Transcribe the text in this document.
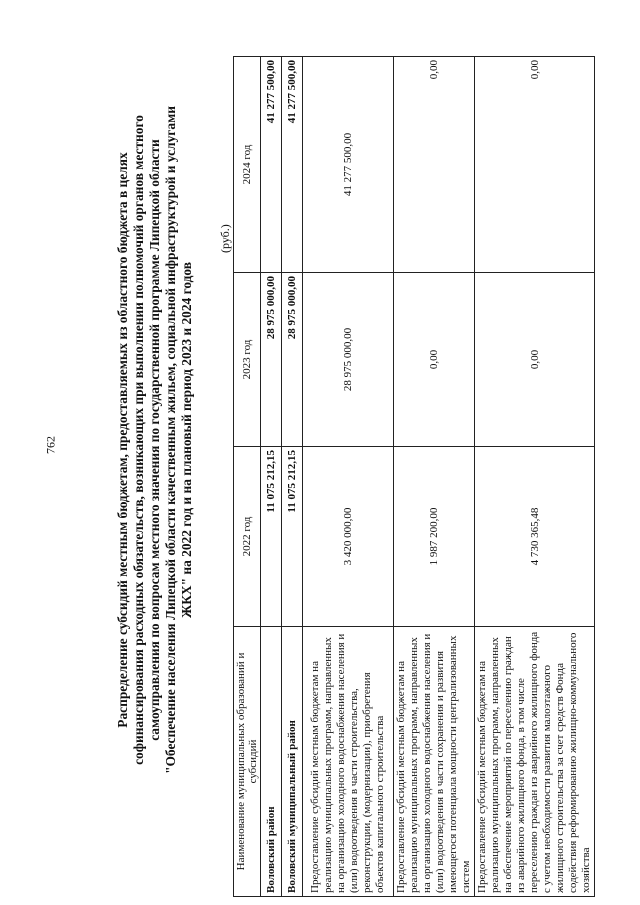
762	Распределение субсидий местным бюджетам, предоставляемых из областного бюджета в целях софинансирования расходных обязательств, возникающих при выполнении полномочий органов местного самоуправления по вопросам местного значения по государственной программе Липецкой области "Обеспечение населения Липецкой области качественным жильем, социальной инфраструктурой и услугами ЖКХ" на 2022 год и на плановый период 2023 и 2024 годов
(руб.)
Наименование муниципальных образований и субсидий	2022 год	2023 год	2024 год
Воловский район	11 075 212,15	28 975 000,00	41 277 500,00
Воловский муниципальный район	11 075 212,15	28 975 000,00	41 277 500,00
Предоставление субсидий местным бюджетам на реализацию муниципальных программ, направленных на организацию холодного водоснабжения населения и (или) водоотведения в части строительства, реконструкции, (модернизации), приобретения объектов капитального строительства	3 420 000,00	28 975 000,00	41 277 500,00
Предоставление субсидий местным бюджетам на реализацию муниципальных программ, направленных на организацию холодного водоснабжения населения и (или) водоотведения в части сохранения и развития имеющегося потенциала мощности централизованных систем	1 987 200,00	0,00	0,00
Предоставление субсидий местным бюджетам на реализацию муниципальных программ, направленных на обеспечение мероприятий по переселению граждан из аварийного жилищного фонда, в том числе переселению граждан из аварийного жилищного фонда с учетом необходимости развития малоэтажного жилищного строительства за счет средств Фонда содействия реформированию жилищно-коммунального хозяйства	4 730 365,48	0,00	0,00
